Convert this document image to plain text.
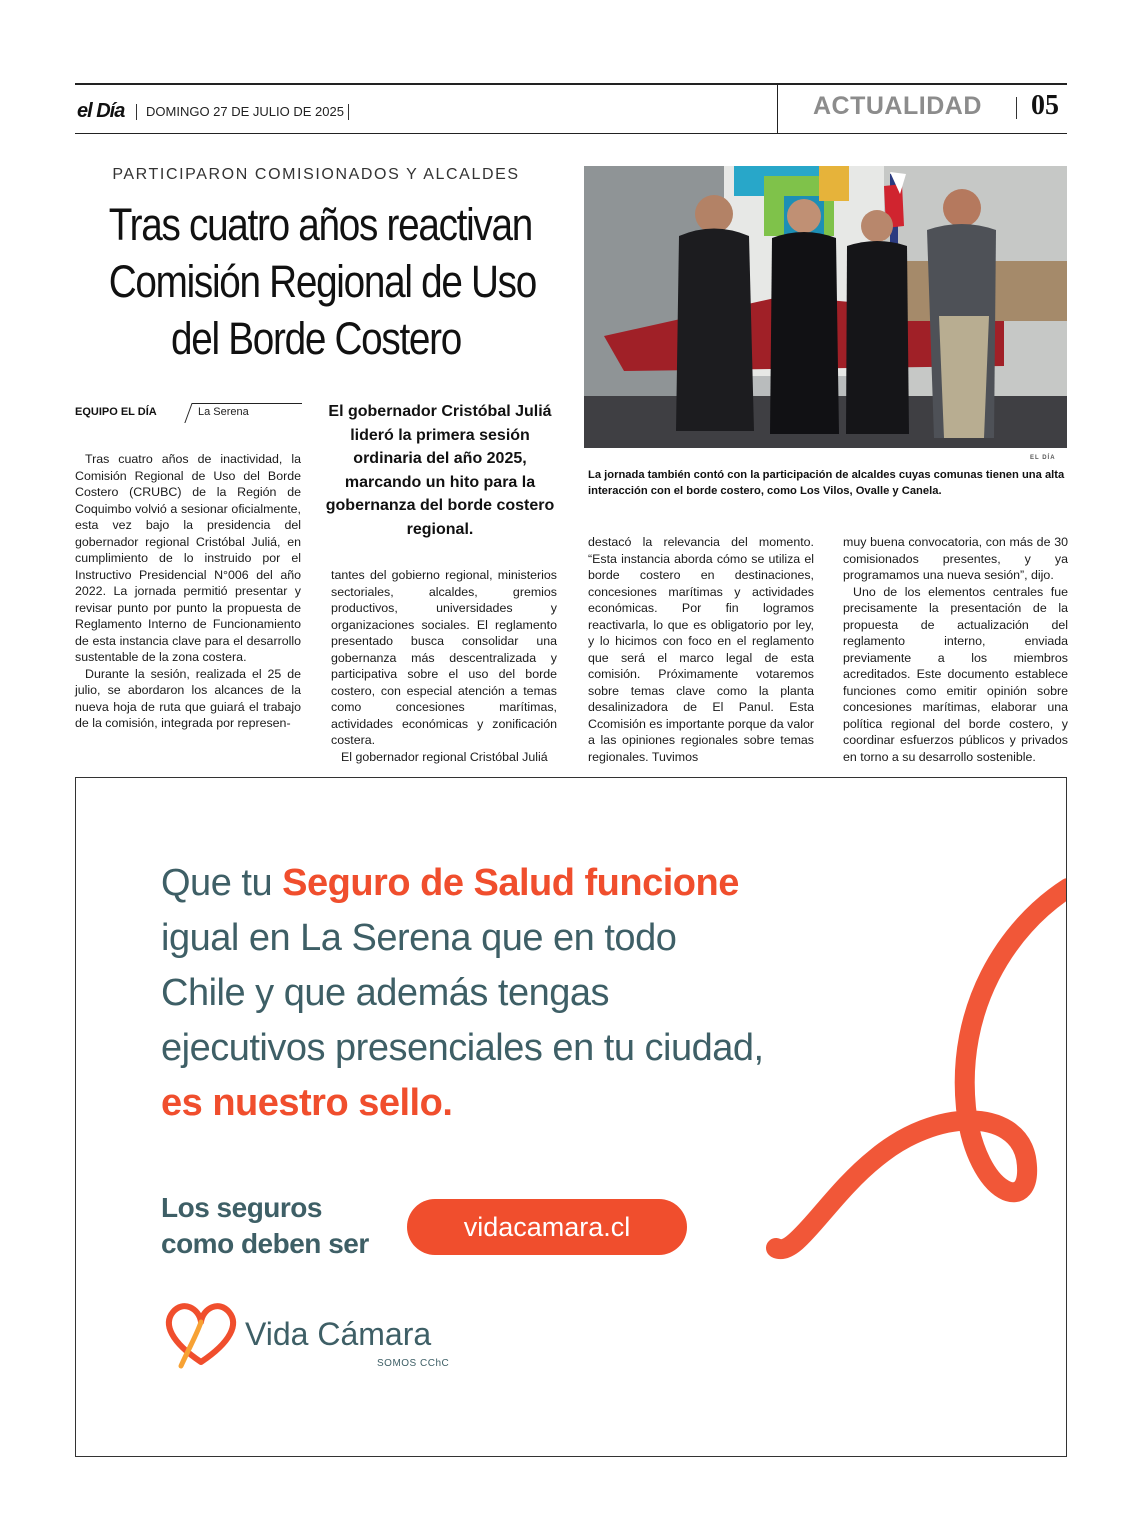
el Día DOMINGO 27 DE JULIO DE 2025	ACTUALIDAD 05
PARTICIPARON COMISIONADOS Y ALCALDES
Tras cuatro años reactivan
Comisión Regional de Uso
del Borde Costero
EQUIPO EL DÍA	La Serena	El gobernador Cristóbal Juliá lideró la primera sesión ordinaria del año 2025, marcando un hito para la gobernanza del borde costero regional.
EL DÍA
La jornada también contó con la participación de alcaldes cuyas comunas tienen una alta interacción con el borde costero, como Los Vilos, Ovalle y Canela.

Tras cuatro años de inactividad, la Comisión Regional de Uso del Borde Costero (CRUBC) de la Región de Coquimbo volvió a sesionar oficialmente, esta vez bajo la presidencia del gobernador regional Cristóbal Juliá, en cumplimiento de lo instruido por el Instructivo Presidencial N°006 del año 2022. La jornada permitió presentar y revisar punto por punto la propuesta de Reglamento Interno de Funcionamiento de esta instancia clave para el desarrollo sustentable de la zona costera.

Durante la sesión, realizada el 25 de julio, se abordaron los alcances de la nueva hoja de ruta que guiará el trabajo de la comisión, integrada por represen-

tantes del gobierno regional, ministerios sectoriales, alcaldes, gremios productivos, universidades y organizaciones sociales. El reglamento presentado busca consolidar una gobernanza más descentralizada y participativa sobre el uso del borde costero, con especial atención a temas como concesiones marítimas, actividades económicas y zonificación costera.

El gobernador regional Cristóbal Juliá

destacó la relevancia del momento. “Esta instancia aborda cómo se utiliza el borde costero en destinaciones, concesiones marítimas y actividades económicas. Por fin logramos reactivarla, lo que es obligatorio por ley, y lo hicimos con foco en el reglamento que será el marco legal de esta comisión. Próximamente votaremos sobre temas clave como la planta desalinizadora de El Panul. Esta Ccomisión es importante porque da valor a las opiniones regionales sobre temas regionales. Tuvimos

muy buena convocatoria, con más de 30 comisionados presentes, y ya programamos una nueva sesión”, dijo.

Uno de los elementos centrales fue precisamente la presentación de la propuesta de actualización del reglamento interno, enviada previamente a los miembros acreditados. Este documento establece funciones como emitir opinión sobre concesiones marítimas, elaborar una política regional del borde costero, y coordinar esfuerzos públicos y privados en torno a su desarrollo sostenible.

Que tu Seguro de Salud funcione
igual en La Serena que en todo
Chile y que además tengas
ejecutivos presenciales en tu ciudad,
es nuestro sello.
Los seguros
como deben ser
vidacamara.cl
Vida Cámara
SOMOS CChC
